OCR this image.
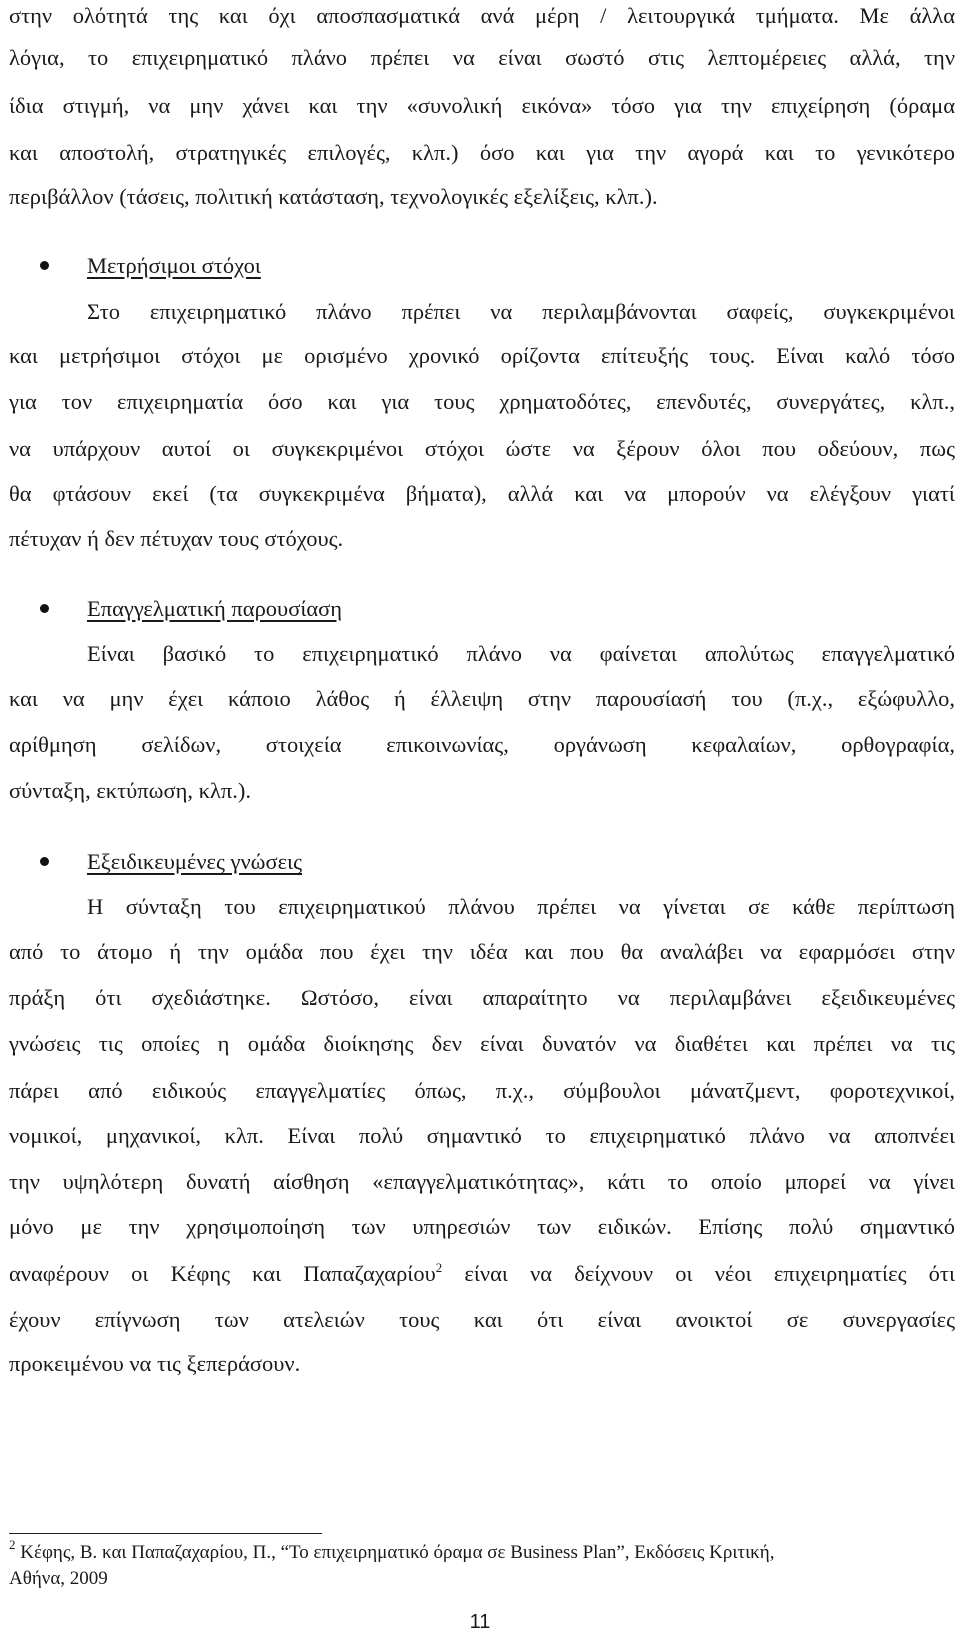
στην ολότητά της και όχι αποσπασματικά ανά μέρη / λειτουργικά τμήματα. Με άλλα
λόγια, το επιχειρηματικό πλάνο πρέπει να είναι σωστό στις λεπτομέρειες αλλά, την
ίδια στιγμή, να μην χάνει και την «συνολική εικόνα» τόσο για την επιχείρηση (όραμα
και αποστολή, στρατηγικές επιλογές, κλπ.) όσο και για την αγορά και το γενικότερο
περιβάλλον (τάσεις, πολιτική κατάσταση, τεχνολογικές εξελίξεις, κλπ.).
Μετρήσιμοι στόχοι
Στο επιχειρηματικό πλάνο πρέπει να περιλαμβάνονται σαφείς, συγκεκριμένοι
και μετρήσιμοι στόχοι με ορισμένο χρονικό ορίζοντα επίτευξής τους. Είναι καλό τόσο
για τον επιχειρηματία όσο και για τους χρηματοδότες, επενδυτές, συνεργάτες, κλπ.,
να υπάρχουν αυτοί οι συγκεκριμένοι στόχοι ώστε να ξέρουν όλοι που οδεύουν, πως
θα φτάσουν εκεί (τα συγκεκριμένα βήματα), αλλά και να μπορούν να ελέγξουν γιατί
πέτυχαν ή δεν πέτυχαν τους στόχους.
Επαγγελματική παρουσίαση
Είναι βασικό το επιχειρηματικό πλάνο να φαίνεται απολύτως επαγγελματικό
και να μην έχει κάποιο λάθος ή έλλειψη στην παρουσίασή του (π.χ., εξώφυλλο,
αρίθμηση σελίδων, στοιχεία επικοινωνίας, οργάνωση κεφαλαίων, ορθογραφία,
σύνταξη, εκτύπωση, κλπ.).
Εξειδικευμένες γνώσεις
Η σύνταξη του επιχειρηματικού πλάνου πρέπει να γίνεται σε κάθε περίπτωση
από το άτομο ή την ομάδα που έχει την ιδέα και που θα αναλάβει να εφαρμόσει στην
πράξη ότι σχεδιάστηκε. Ωστόσο, είναι απαραίτητο να περιλαμβάνει εξειδικευμένες
γνώσεις τις οποίες η ομάδα διοίκησης δεν είναι δυνατόν να διαθέτει και πρέπει να τις
πάρει από ειδικούς επαγγελματίες όπως, π.χ., σύμβουλοι μάνατζμεντ, φοροτεχνικοί,
νομικοί, μηχανικοί, κλπ. Είναι πολύ σημαντικό το επιχειρηματικό πλάνο να αποπνέει
την υψηλότερη δυνατή αίσθηση «επαγγελματικότητας», κάτι το οποίο μπορεί να γίνει
μόνο με την χρησιμοποίηση των υπηρεσιών των ειδικών. Επίσης πολύ σημαντικό
αναφέρουν οι Κέφης και Παπαζαχαρίου$^2$ είναι να δείχνουν οι νέοι επιχειρηματίες ότι
έχουν επίγνωση των ατελειών τους και ότι είναι ανοικτοί σε συνεργασίες
προκειμένου να τις ξεπεράσουν.
$^2$ Κέφης, Β. και Παπαζαχαρίου, Π., “Το επιχειρηματικό όραμα σε Business Plan”, Εκδόσεις Κριτική,
Αθήνα, 2009
11
